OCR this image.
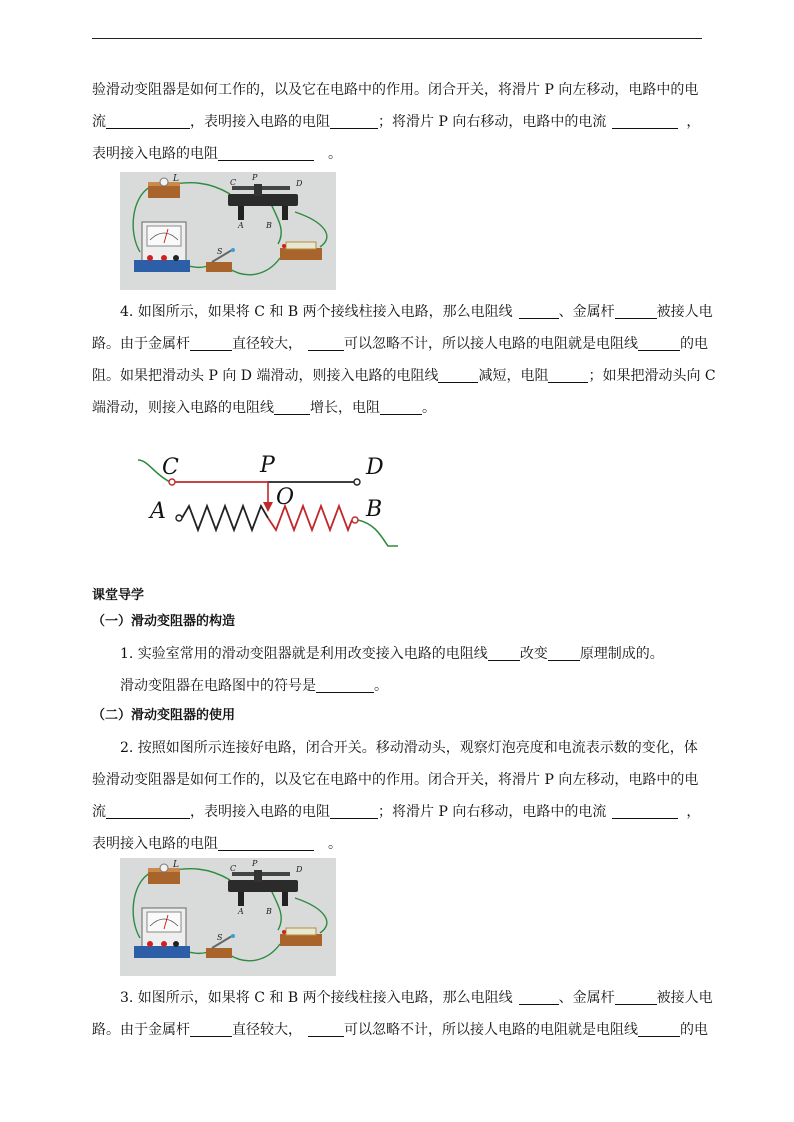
验滑动变阻器是如何工作的，以及它在电路中的作用。闭合开关，将滑片 P 向左移动，电路中的电
流	，表明接入电路的电阻	；将滑片 P 向右移动，电路中的电流	，
表明接入电路的电阻	。
L	C
P
D
A	B
S
4. 如图所示，如果将 C 和 B 两个接线柱接入电路，那么电阻线	、金属杆	被接人电
路。由于金属杆	直径较大，	可以忽略不计，所以接人电路的电阻就是电阻线	的电
阻。如果把滑动头 P 向 D 端滑动，则接入电路的电阻线	减短，电阻	；如果把滑动头向 C
端滑动，则接入电路的电阻线	增长，电阻	。
C	P	D
O
A	B
课堂导学
（一）滑动变阻器的构造
1. 实验室常用的滑动变阻器就是利用改变接入电路的电阻线 改变 原理制成的。
滑动变阻器在电路图中的符号是	。
（二）滑动变阻器的使用
2. 按照如图所示连接好电路，闭合开关。移动滑动头，观察灯泡亮度和电流表示数的变化，体
验滑动变阻器是如何工作的，以及它在电路中的作用。闭合开关，将滑片 P 向左移动，电路中的电
流	，表明接入电路的电阻	；将滑片 P 向右移动，电路中的电流	，
表明接入电路的电阻	。
L	C
P
D
A	B
S
3. 如图所示，如果将 C 和 B 两个接线柱接入电路，那么电阻线	、金属杆	被接人电
路。由于金属杆	直径较大，	可以忽略不计，所以接人电路的电阻就是电阻线	的电
